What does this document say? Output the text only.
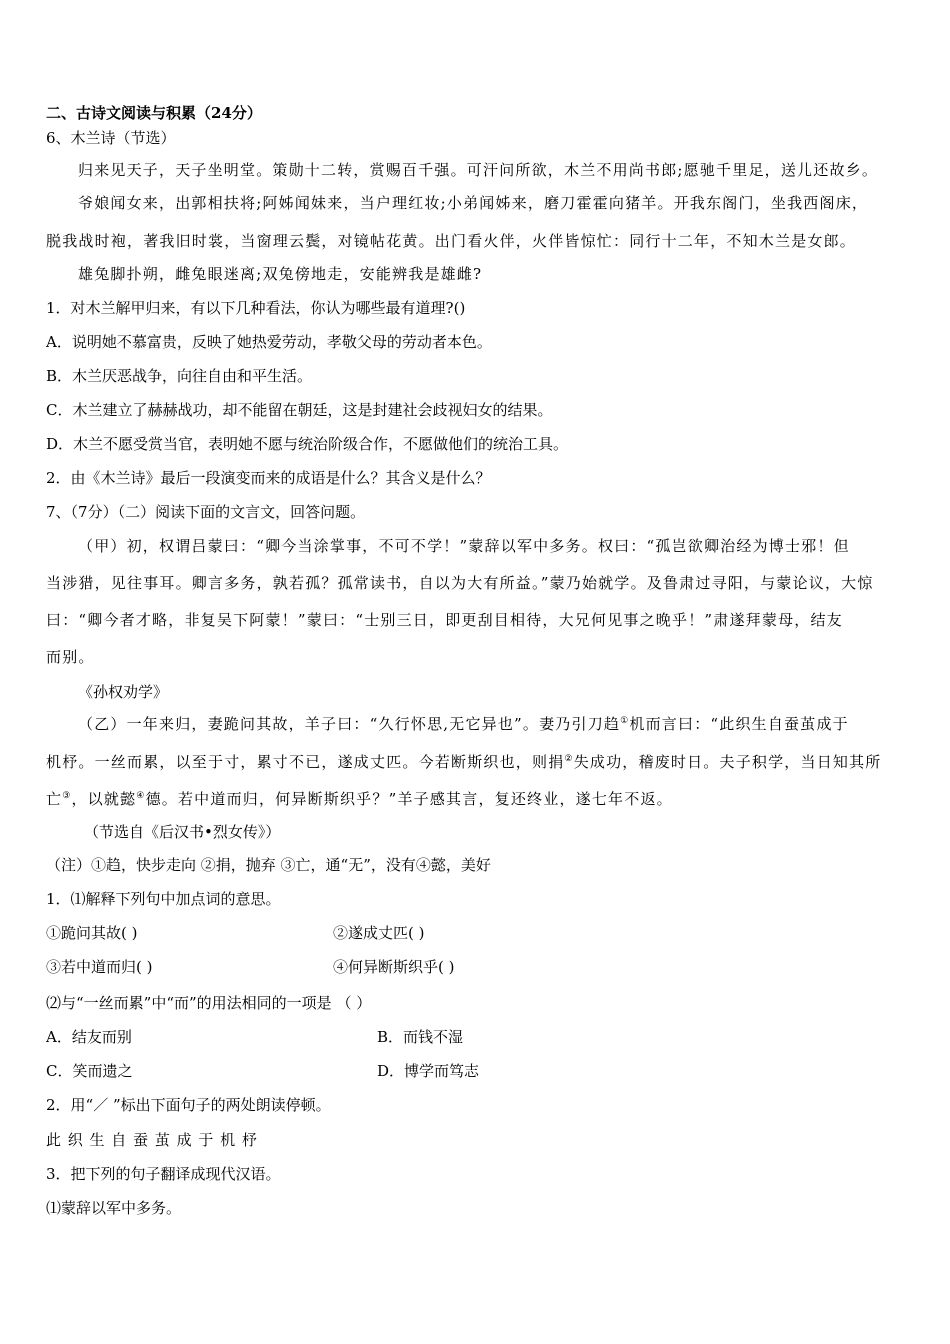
二、古诗文阅读与积累（24分）
6、木兰诗（节选）
归来见天子，天子坐明堂。策勋十二转，赏赐百千强。可汗问所欲，木兰不用尚书郎;愿驰千里足，送儿还故乡。
爷娘闻女来，出郭相扶将;阿姊闻妹来，当户理红妆;小弟闻姊来，磨刀霍霍向猪羊。开我东阁门，坐我西阁床，
脱我战时袍，著我旧时裳，当窗理云鬓，对镜帖花黄。出门看火伴，火伴皆惊忙：同行十二年，不知木兰是女郎。
雄兔脚扑朔，雌兔眼迷离;双兔傍地走，安能辨我是雄雌?
1．对木兰解甲归来，有以下几种看法，你认为哪些最有道理?()
A．说明她不慕富贵，反映了她热爱劳动，孝敬父母的劳动者本色。
B．木兰厌恶战争，向往自由和平生活。
C．木兰建立了赫赫战功，却不能留在朝廷，这是封建社会歧视妇女的结果。
D．木兰不愿受赏当官，表明她不愿与统治阶级合作，不愿做他们的统治工具。
2．由《木兰诗》最后一段演变而来的成语是什么？其含义是什么？
7、（7分）（二）阅读下面的文言文，回答问题。
（甲）初，权谓吕蒙曰：“卿今当涂掌事，不可不学！”蒙辞以军中多务。权曰：“孤岂欲卿治经为博士邪！但
当涉猎，见往事耳。卿言多务，孰若孤？孤常读书，自以为大有所益。”蒙乃始就学。及鲁肃过寻阳，与蒙论议，大惊
曰：“卿今者才略，非复吴下阿蒙！”蒙曰：“士别三日，即更刮目相待，大兄何见事之晚乎！”肃遂拜蒙母，结友
而别。
《孙权劝学》
（乙）一年来归，妻跪问其故，羊子曰：“久行怀思,无它异也”。妻乃引刀趋①机而言曰：“此织生自蚕茧成于
机杼。一丝而累，以至于寸，累寸不已，遂成丈匹。今若断斯织也，则捐②失成功，稽废时日。夫子积学，当日知其所
亡③，以就懿④德。若中道而归，何异断斯织乎？”羊子感其言，复还终业，遂七年不返。
（节选自《后汉书•烈女传》）
（注）①趋，快步走向 ②捐，抛弃 ③亡，通“无”，没有④懿，美好
1．⑴解释下列句中加点词的意思。
①跪问其故( )	②遂成丈匹( )
③若中道而归( )	④何异断斯织乎( )
⑵与“一丝而累”中“而”的用法相同的一项是 （ ）
A．结友而别	B．而钱不湿
C．笑而遗之	D．博学而笃志
2．用“／ ”标出下面句子的两处朗读停顿。
此 织 生 自 蚕 茧 成 于 机 杼
3．把下列的句子翻译成现代汉语。
⑴蒙辞以军中多务。
